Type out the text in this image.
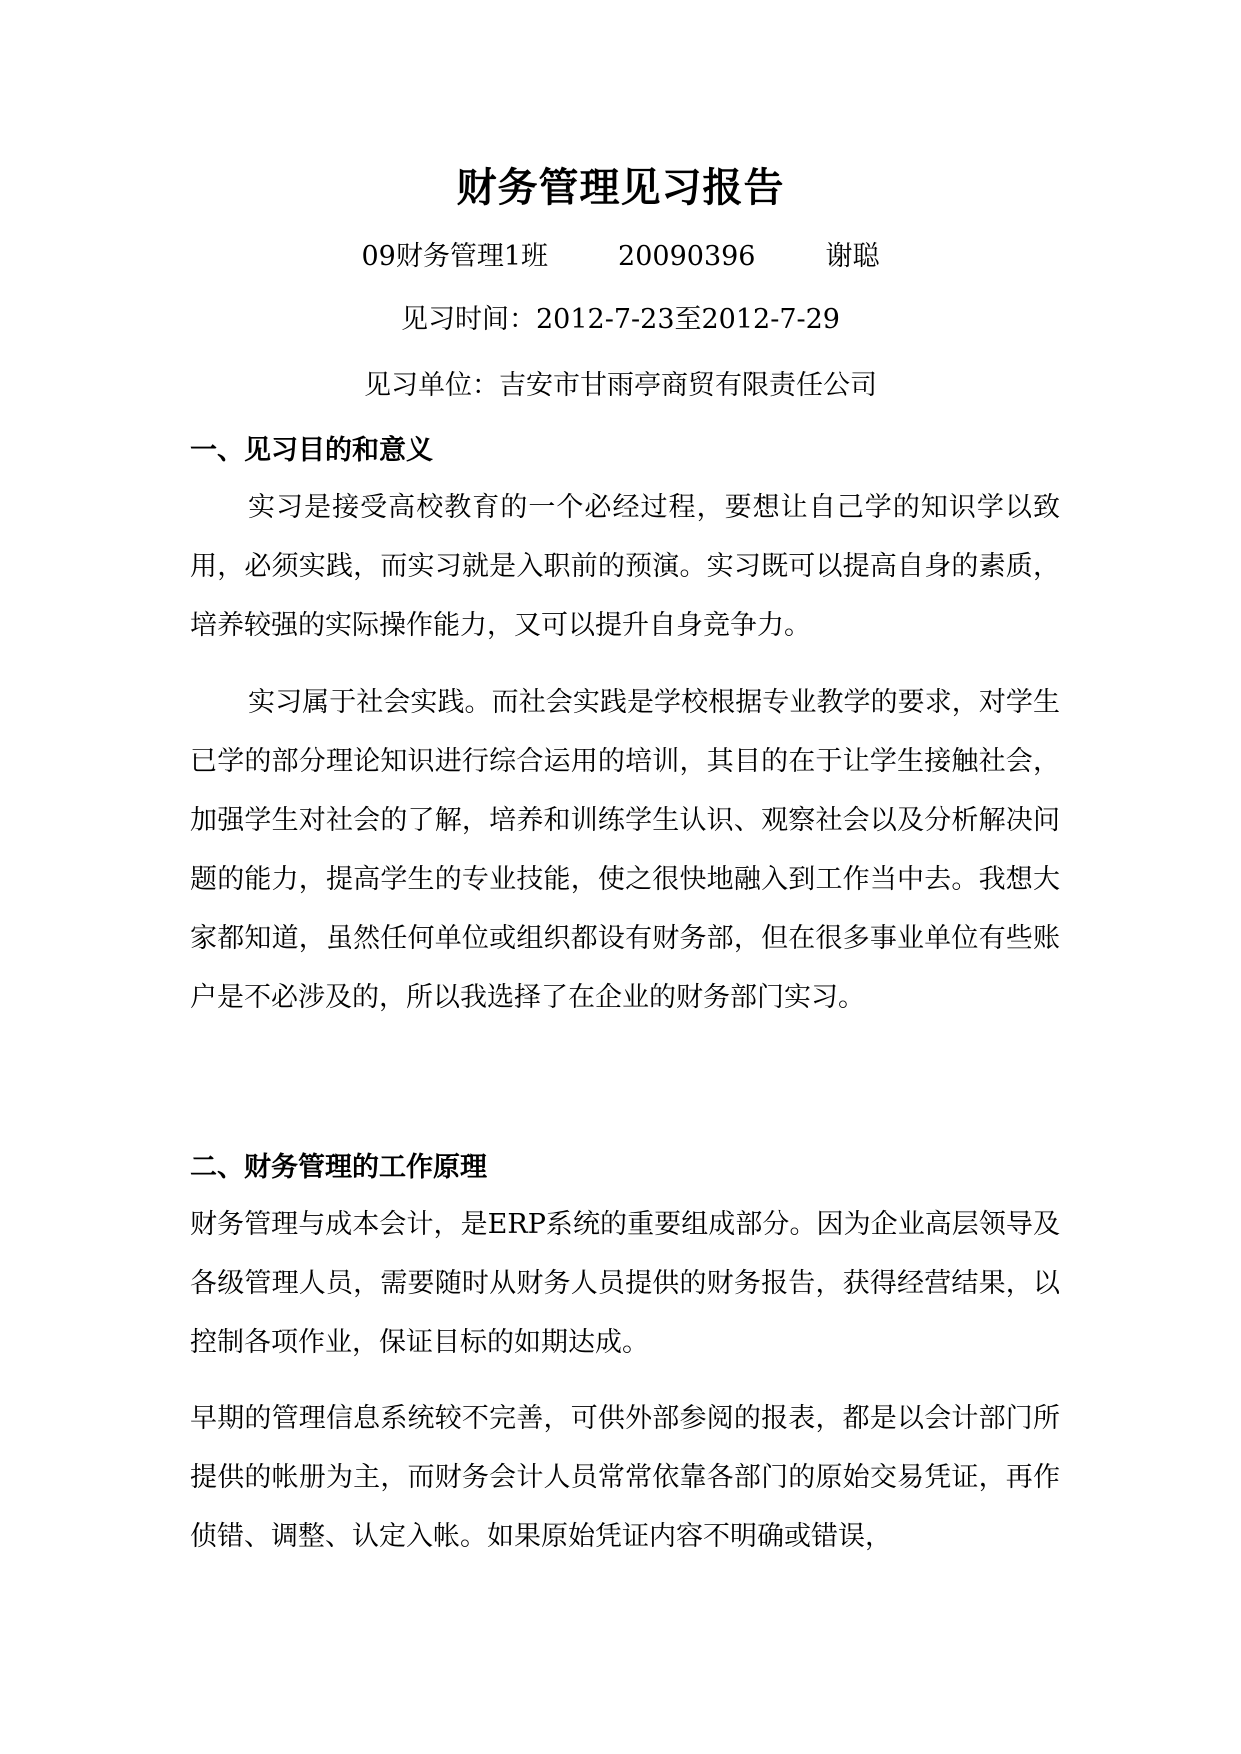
财务管理见习报告
09财务管理1班	20090396	谢聪
见习时间：2012-7-23至2012-7-29
见习单位：吉安市甘雨亭商贸有限责任公司
一、见习目的和意义

实习是接受高校教育的一个必经过程，要想让自己学的知识学以致用，必须实践，而实习就是入职前的预演。实习既可以提高自身的素质，培养较强的实际操作能力，又可以提升自身竞争力。

实习属于社会实践。而社会实践是学校根据专业教学的要求，对学生已学的部分理论知识进行综合运用的培训，其目的在于让学生接触社会，加强学生对社会的了解，培养和训练学生认识、观察社会以及分析解决问题的能力，提高学生的专业技能，使之很快地融入到工作当中去。我想大家都知道，虽然任何单位或组织都设有财务部，但在很多事业单位有些账户是不必涉及的，所以我选择了在企业的财务部门实习。

二、财务管理的工作原理

财务管理与成本会计，是ERP系统的重要组成部分。因为企业高层领导及各级管理人员，需要随时从财务人员提供的财务报告，获得经营结果，以控制各项作业，保证目标的如期达成。

早期的管理信息系统较不完善，可供外部参阅的报表，都是以会计部门所提供的帐册为主，而财务会计人员常常依靠各部门的原始交易凭证，再作侦错、调整、认定入帐。如果原始凭证内容不明确或错误，
